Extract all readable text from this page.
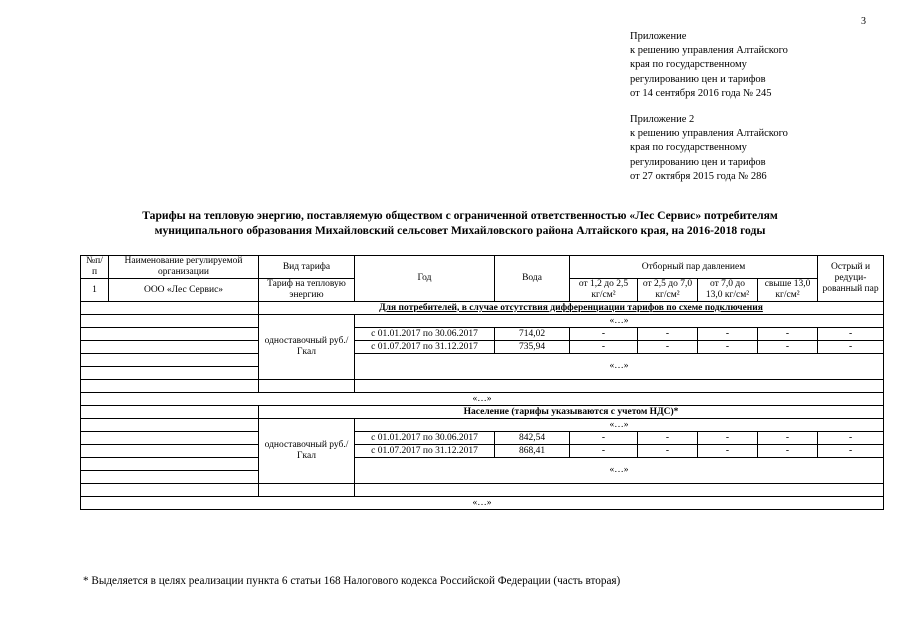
3
Приложение
к решению управления Алтайского
края по государственному
регулированию цен и тарифов
от 14 сентября 2016 года № 245
Приложение 2
к решению управления Алтайского
края по государственному
регулированию цен и тарифов
от 27 октября 2015 года № 286
Тарифы на тепловую энергию, поставляемую обществом с ограниченной ответственностью «Лес Сервис» потребителям
муниципального образования Михайловский сельсовет Михайловского района Алтайского края, на 2016-2018 годы
№п/п	Наименование регулируемой организации	Вид тарифа	Год	Вода	Отборный пар давлением				Острый и редуци-рованный пар
1	ООО «Лес Сервис»	Тариф на тепловую энергию			от 1,2 до 2,5 кг/см²	от 2,5 до 7,0 кг/см²	от 7,0 до 13,0 кг/см²	свыше 13,0 кг/см²	
		Для потребителей, в случае отсутствия дифференциации тарифов по схеме подключения							
		одноставочный руб./Гкал	«…»						
			с 01.01.2017 по 30.06.2017	714,02	-	-	-	-	-
			с 01.07.2017 по 31.12.2017	735,94	-	-	-	-	-
			«…»						

«…»									
		Население (тарифы указываются с учетом НДС)*							
		одноставочный руб./Гкал	«…»						
			с 01.01.2017 по 30.06.2017	842,54	-	-	-	-	-
			с 01.07.2017 по 31.12.2017	868,41	-	-	-	-	-
			«…»						

«…»									
* Выделяется в целях реализации пункта 6 статьи 168 Налогового кодекса Российской Федерации (часть вторая)
